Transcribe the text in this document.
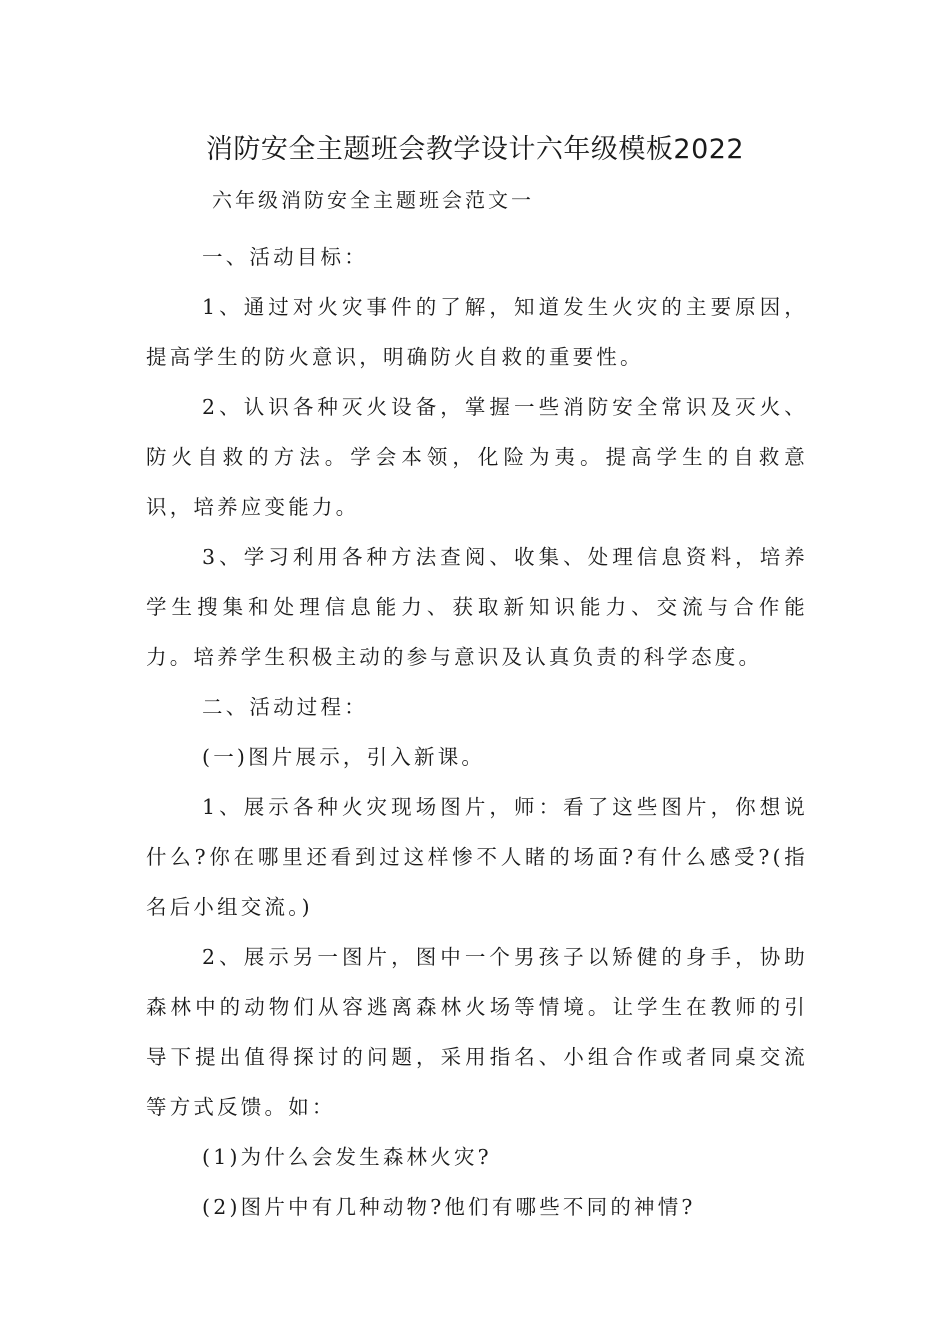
消防安全主题班会教学设计六年级模板2022
六年级消防安全主题班会范文一

一、活动目标：

1、通过对火灾事件的了解，知道发生火灾的主要原因，提高学生的防火意识，明确防火自救的重要性。

2、认识各种灭火设备，掌握一些消防安全常识及灭火、防火自救的方法。学会本领，化险为夷。提高学生的自救意识，培养应变能力。

3、学习利用各种方法查阅、收集、处理信息资料，培养学生搜集和处理信息能力、获取新知识能力、交流与合作能力。培养学生积极主动的参与意识及认真负责的科学态度。

二、活动过程：

(一)图片展示，引入新课。

1、展示各种火灾现场图片，师：看了这些图片，你想说什么?你在哪里还看到过这样惨不人睹的场面?有什么感受?(指名后小组交流。)

2、展示另一图片，图中一个男孩子以矫健的身手，协助森林中的动物们从容逃离森林火场等情境。让学生在教师的引导下提出值得探讨的问题，采用指名、小组合作或者同桌交流等方式反馈。如：

(1)为什么会发生森林火灾?

(2)图片中有几种动物?他们有哪些不同的神情?
